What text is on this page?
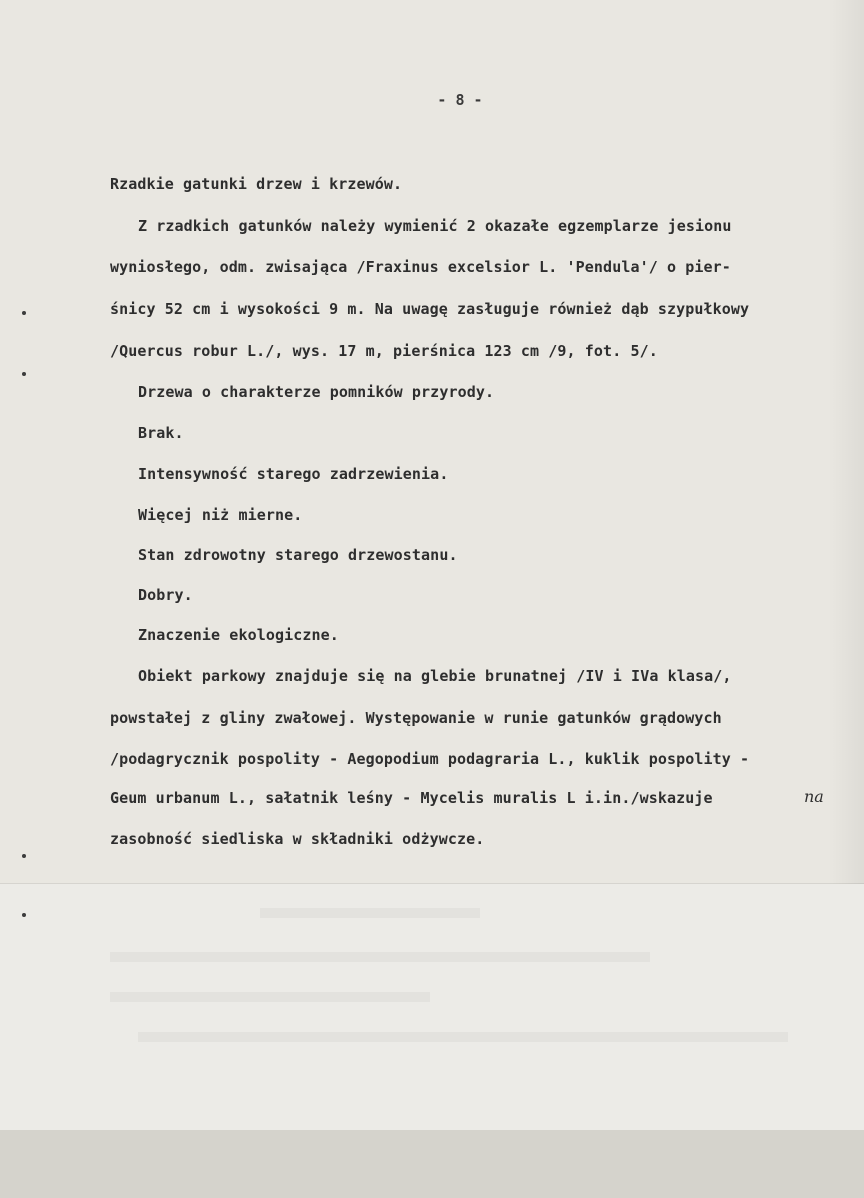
- 8 -
Rzadkie gatunki drzew i krzewów.
Z rzadkich gatunków należy wymienić 2 okazałe egzemplarze jesionu
wyniosłego, odm. zwisająca /Fraxinus excelsior L. 'Pendula'/ o pier-
śnicy 52 cm i wysokości 9 m. Na uwagę zasługuje również dąb szypułkowy
/Quercus robur L./, wys. 17 m, pierśnica 123 cm /9, fot. 5/.
Drzewa o charakterze pomników przyrody.
Brak.
Intensywność starego zadrzewienia.
Więcej niż mierne.
Stan zdrowotny starego drzewostanu.
Dobry.
Znaczenie ekologiczne.
Obiekt parkowy znajduje się na glebie brunatnej /IV i IVa klasa/,
powstałej z gliny zwałowej. Występowanie w runie gatunków grądowych
/podagrycznik pospolity - Aegopodium podagraria L., kuklik pospolity -
Geum urbanum L., sałatnik leśny - Mycelis muralis L i.in./wskazuje
zasobność siedliska w składniki odżywcze.
na
